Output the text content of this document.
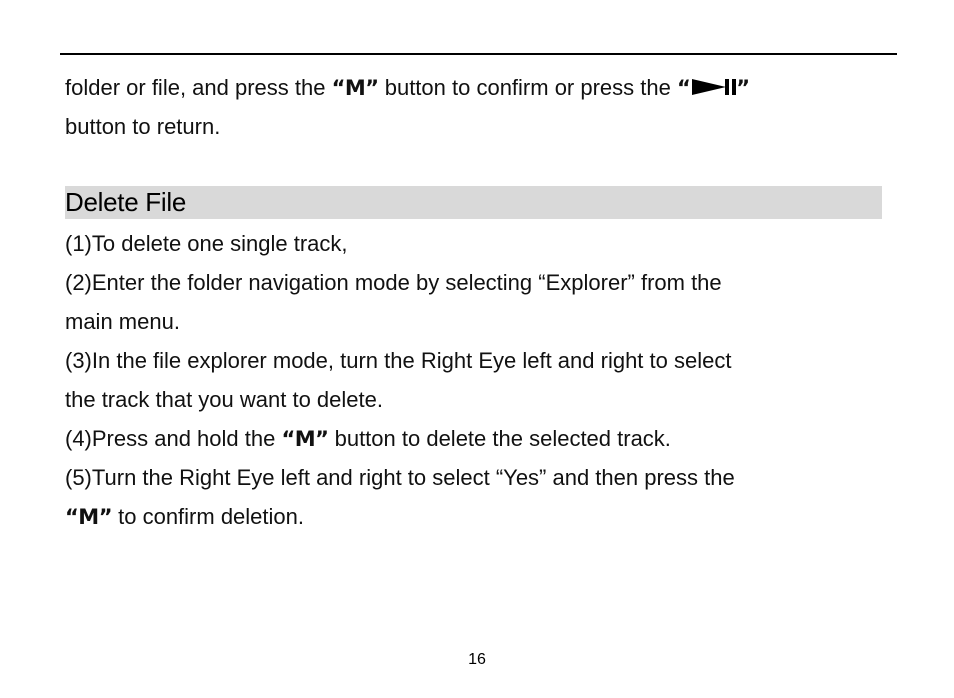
folder or file, and press the “M” button to confirm or press the “ ”
button to return.

Delete File

(1)To delete one single track,
(2)Enter the folder navigation mode by selecting “Explorer” from the
main menu.
(3)In the file explorer mode, turn the Right Eye left and right to select
the track that you want to delete.
(4)Press and hold the “M” button to delete the selected track.
(5)Turn the Right Eye left and right to select “Yes” and then press the
“M” to confirm deletion.

16
